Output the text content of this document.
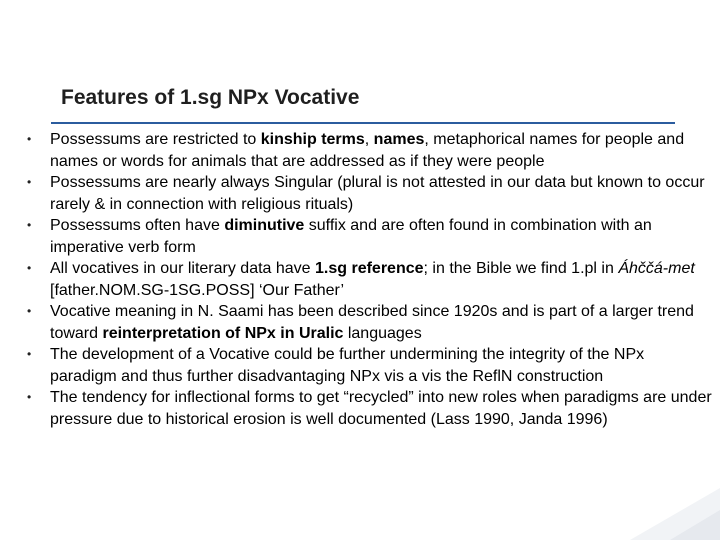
Features of 1.sg NPx Vocative
• Possessums are restricted to kinship terms, names, metaphorical names for people and names or words for animals that are addressed as if they were people
• Possessums are nearly always Singular (plural is not attested in our data but known to occur rarely & in connection with religious rituals)
• Possessums often have diminutive suffix and are often found in combination with an imperative verb form
• All vocatives in our literary data have 1.sg reference; in the Bible we find 1.pl in Áhččá-met [father.NOM.SG-1SG.POSS] ‘Our Father’
• Vocative meaning in N. Saami has been described since 1920s and is part of a larger trend toward reinterpretation of NPx in Uralic languages
• The development of a Vocative could be further undermining the integrity of the NPx paradigm and thus further disadvantaging NPx vis a vis the ReflN construction
• The tendency for inflectional forms to get “recycled” into new roles when paradigms are under pressure due to historical erosion is well documented (Lass 1990, Janda 1996)
